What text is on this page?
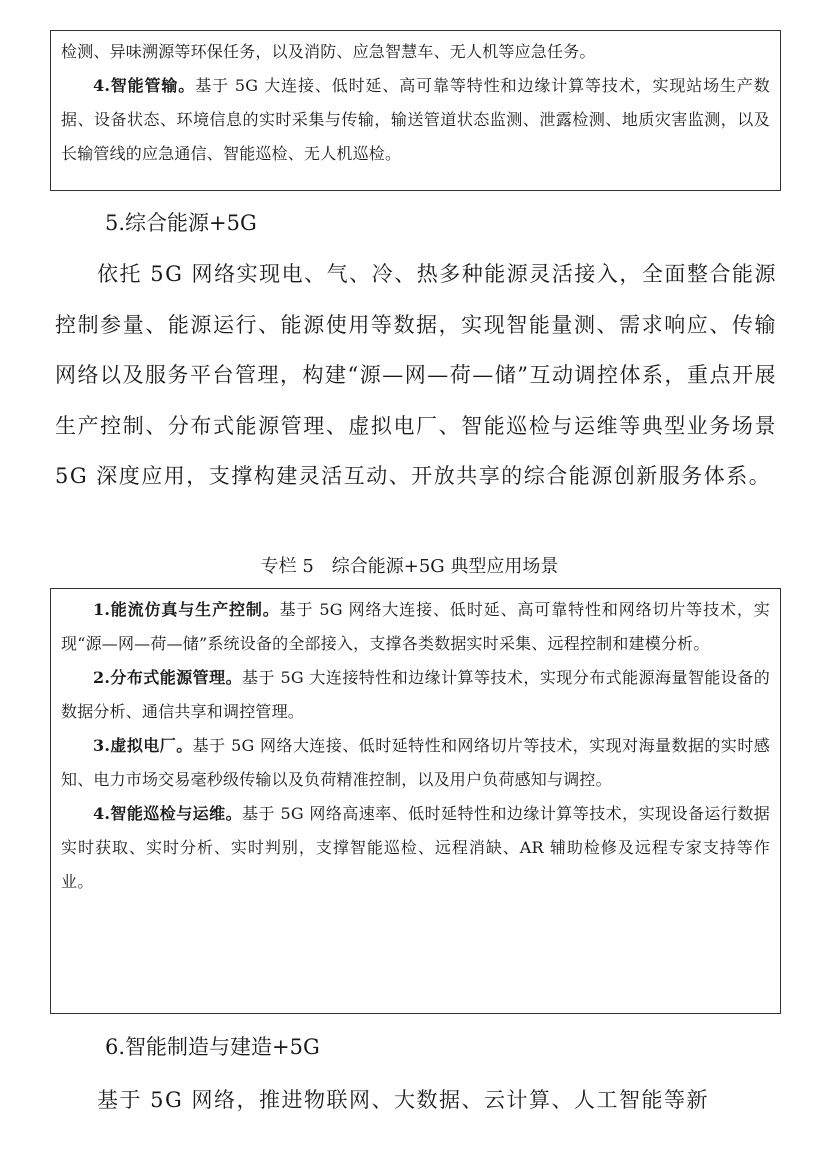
检测、异味溯源等环保任务，以及消防、应急智慧车、无人机等应急任务。

4.智能管输。基于 5G 大连接、低时延、高可靠等特性和边缘计算等技术，实现站场生产数据、设备状态、环境信息的实时采集与传输，输送管道状态监测、泄露检测、地质灾害监测，以及长输管线的应急通信、智能巡检、无人机巡检。

5.综合能源+5G

依托 5G 网络实现电、气、冷、热多种能源灵活接入，全面整合能源控制参量、能源运行、能源使用等数据，实现智能量测、需求响应、传输网络以及服务平台管理，构建“源—网—荷—储”互动调控体系，重点开展生产控制、分布式能源管理、虚拟电厂、智能巡检与运维等典型业务场景 5G 深度应用，支撑构建灵活互动、开放共享的综合能源创新服务体系。

专栏 5　综合能源+5G 典型应用场景

1.能流仿真与生产控制。基于 5G 网络大连接、低时延、高可靠特性和网络切片等技术，实现“源—网—荷—储”系统设备的全部接入，支撑各类数据实时采集、远程控制和建模分析。

2.分布式能源管理。基于 5G 大连接特性和边缘计算等技术，实现分布式能源海量智能设备的数据分析、通信共享和调控管理。

3.虚拟电厂。基于 5G 网络大连接、低时延特性和网络切片等技术，实现对海量数据的实时感知、电力市场交易毫秒级传输以及负荷精准控制，以及用户负荷感知与调控。

4.智能巡检与运维。基于 5G 网络高速率、低时延特性和边缘计算等技术，实现设备运行数据实时获取、实时分析、实时判别，支撑智能巡检、远程消缺、AR 辅助检修及远程专家支持等作业。

6.智能制造与建造+5G

基于 5G 网络，推进物联网、大数据、云计算、人工智能等新
